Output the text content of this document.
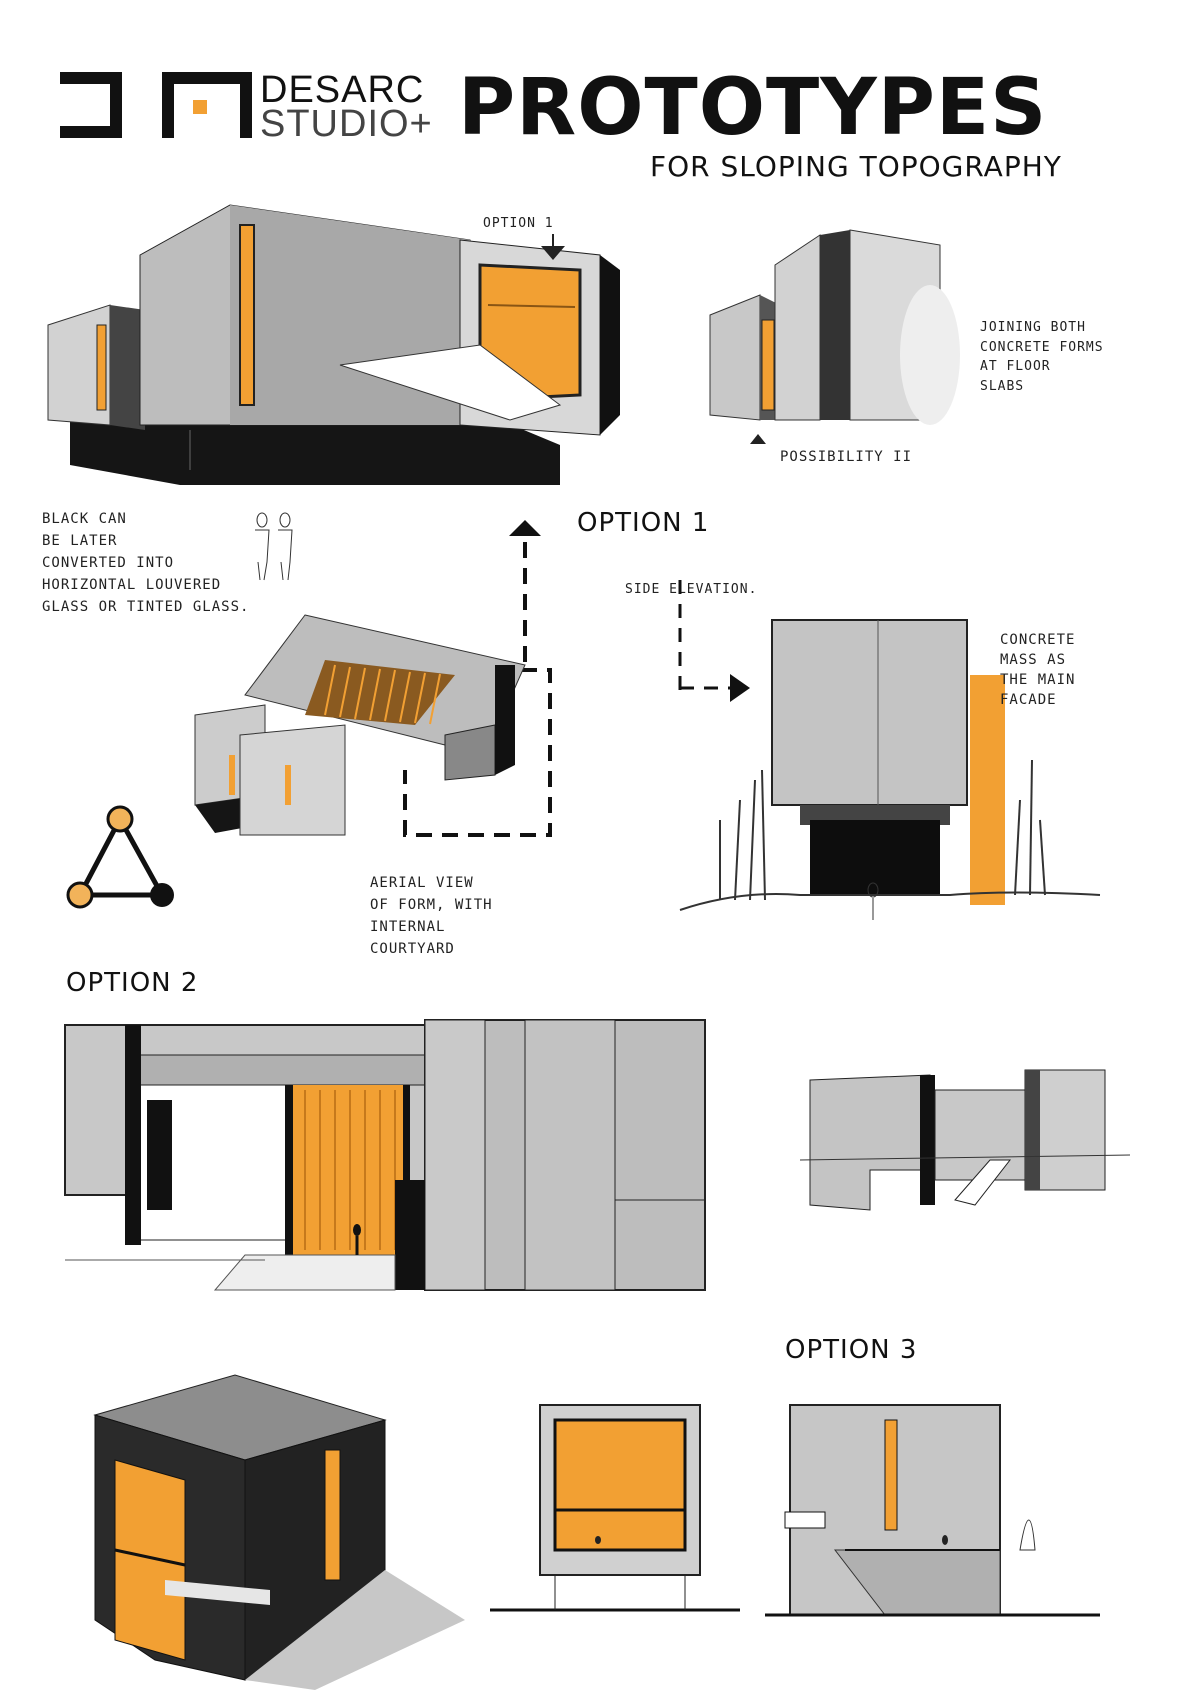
DESARC
STUDIO+ PROTOTYPES
FOR SLOPING TOPOGRAPHY
OPTION 1
POSSIBILITY II
JOINING BOTH
CONCRETE FORMS
AT FLOOR
SLABS
BLACK CAN
BE LATER
CONVERTED INTO
HORIZONTAL LOUVERED
GLASS OR TINTED GLASS.
OPTION 1
AERIAL VIEW
OF FORM, WITH
INTERNAL
COURTYARD
SIDE ELEVATION.
CONCRETE
MASS AS
THE MAIN
FACADE
OPTION 2
OPTION 3
